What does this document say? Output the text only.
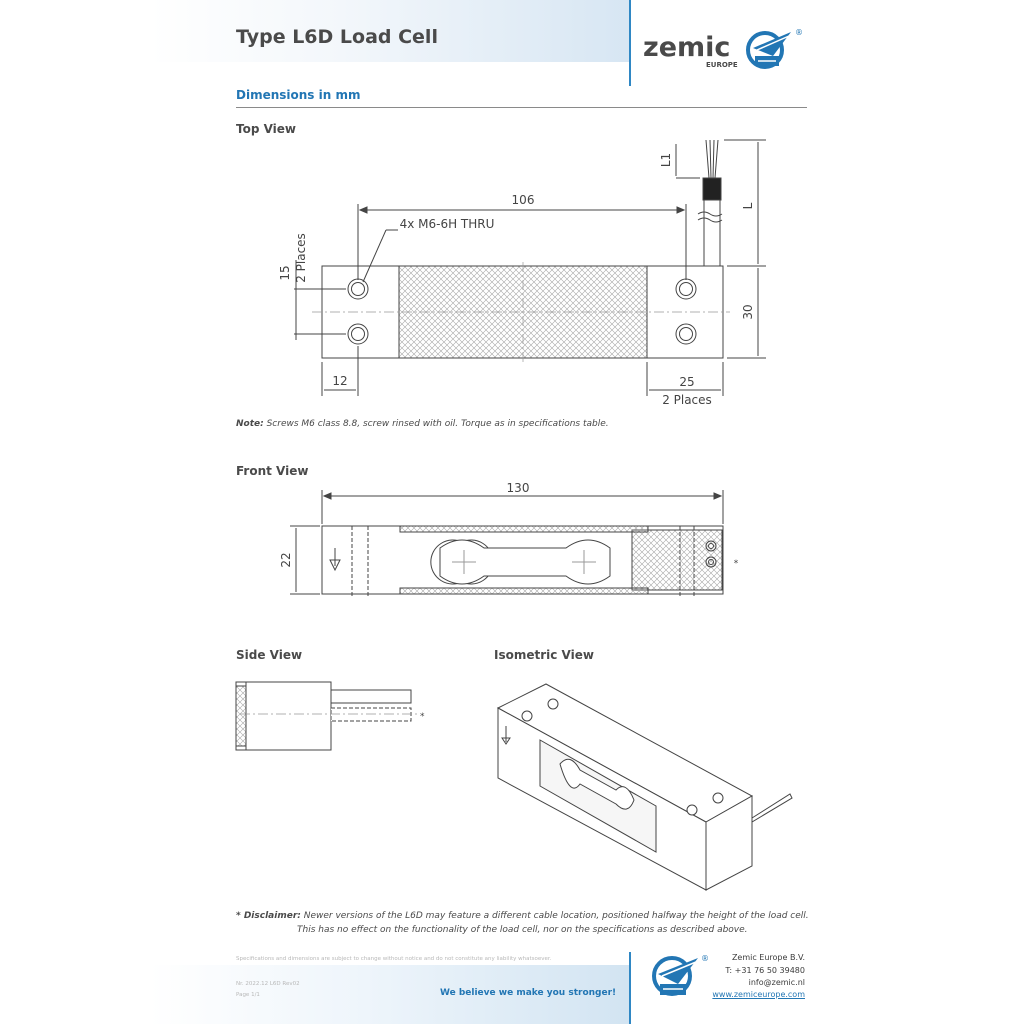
Type L6D Load Cell	zemic
EUROPE
®
Dimensions in mm
Top View
106
4x M6-6H THRU
15 2 Places
12	25
2 Places
30
L
L1
Note: Screws M6 class 8.8, screw rinsed with oil. Torque as in specifications table.
Front View
130
22	*
Side View
*
Isometric View
* Disclaimer: Newer versions of the L6D may feature a different cable location, positioned halfway the height of the load cell.
This has no effect on the functionality of the load cell, nor on the specifications as described above.
Specifications and dimensions are subject to change without notice and do not constitute any liability whatsoever.
Nr. 2022.12 L6D Rev02
Page 1/1	We believe we make you stronger!
®	Zemic Europe B.V.
T: +31 76 50 39480
info@zemic.nl
www.zemiceurope.com
